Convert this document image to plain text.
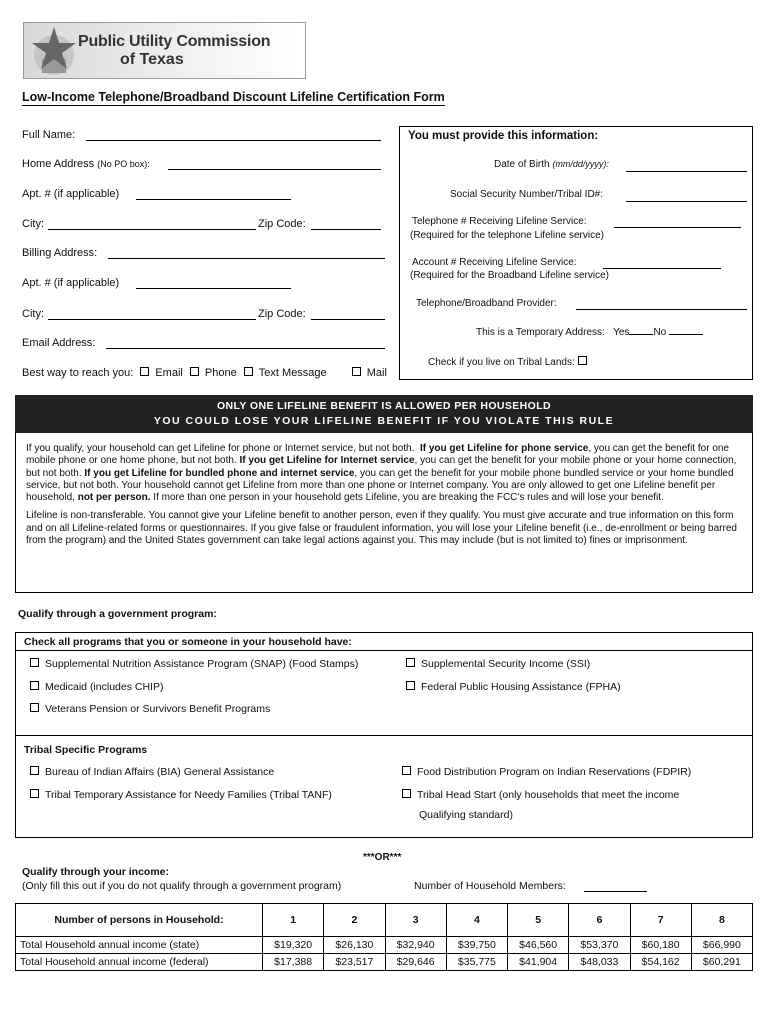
Public Utility Commission
of Texas
Low-Income Telephone/Broadband Discount Lifeline Certification Form
Full Name:
Home Address (No PO box):
Apt. # (if applicable)
City:	Zip Code:
Billing Address:
Apt. # (if applicable)
City:	Zip Code:
Email Address:
Best way to reach you: Email Phone Text Message	Mail
You must provide this information:
Date of Birth (mm/dd/yyyy):
Social Security Number/Tribal ID#:
Telephone # Receiving Lifeline Service:
(Required for the telephone Lifeline service)
Account # Receiving Lifeline Service:
(Required for the Broadband Lifeline service)
Telephone/Broadband Provider:
This is a Temporary Address: Yes No
Check if you live on Tribal Lands:
ONLY ONE LIFELINE BENEFIT IS ALLOWED PER HOUSEHOLD
YOU COULD LOSE YOUR LIFELINE BENEFIT IF YOU VIOLATE THIS RULE

If you qualify, your household can get Lifeline for phone or Internet service, but not both. If you get Lifeline for phone service, you can get the benefit for one mobile phone or one home phone, but not both. If you get Lifeline for Internet service, you can get the benefit for your mobile phone or your home connection, but not both. If you get Lifeline for bundled phone and internet service, you can get the benefit for your mobile phone bundled service or your home bundled service, but not both. Your household cannot get Lifeline from more than one phone or Internet company. You are only allowed to get one Lifeline benefit per household, not per person. If more than one person in your household gets Lifeline, you are breaking the FCC's rules and will lose your benefit.

Lifeline is non-transferable. You cannot give your Lifeline benefit to another person, even if they qualify. You must give accurate and true information on this form and on all Lifeline-related forms or questionnaires. If you give false or fraudulent information, you will lose your Lifeline benefit (i.e., de-enrollment or being barred from the program) and the United States government can take legal actions against you. This may include (but is not limited to) fines or imprisonment.

Qualify through a government program:
Check all programs that you or someone in your household have:
Supplemental Nutrition Assistance Program (SNAP) (Food Stamps)	Supplemental Security Income (SSI)
Medicaid (includes CHIP)	Federal Public Housing Assistance (FPHA)
Veterans Pension or Survivors Benefit Programs
Tribal Specific Programs
Bureau of Indian Affairs (BIA) General Assistance	Food Distribution Program on Indian Reservations (FDPIR)
Tribal Temporary Assistance for Needy Families (Tribal TANF)	Tribal Head Start (only households that meet the income
Qualifying standard)
***OR***
Qualify through your income:
(Only fill this out if you do not qualify through a government program)	Number of Household Members:
Number of persons in Household:	1	2	3	4	5	6	7	8
Total Household annual income (state)	$19,320	$26,130	$32,940	$39,750	$46,560	$53,370	$60,180	$66,990
Total Household annual income (federal)	$17,388	$23,517	$29,646	$35,775	$41,904	$48,033	$54,162	$60,291
